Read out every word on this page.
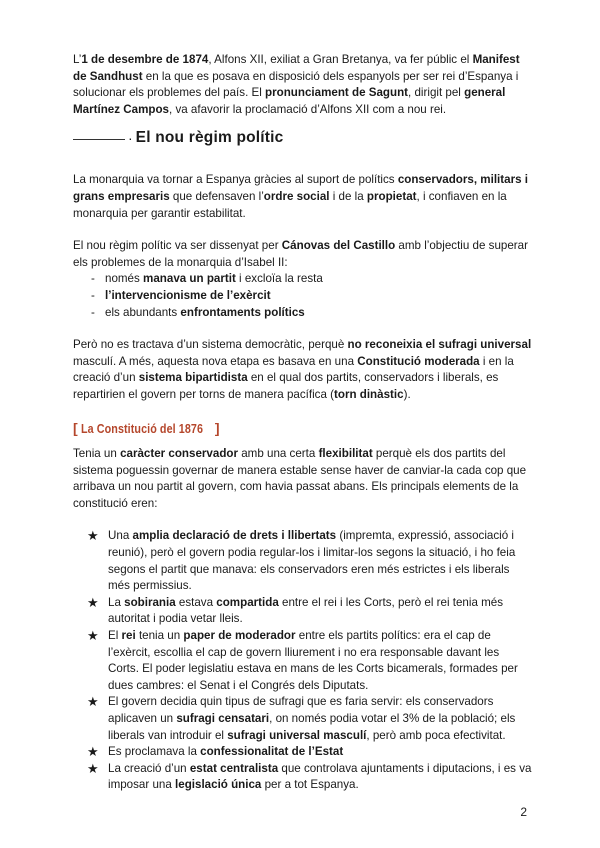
L’1 de desembre de 1874, Alfons XII, exiliat a Gran Bretanya, va fer públic el Manifest de Sandhust en la que es posava en disposició dels espanyols per ser rei d’Espanya i solucionar els problemes del país. El pronunciament de Sagunt, dirigit pel general Martínez Campos, va afavorir la proclamació d’Alfons XII com a nou rei.

· El nou règim polític

La monarquia va tornar a Espanya gràcies al suport de polítics conservadors, militars i grans empresaris que defensaven l’ordre social i de la propietat, i confiaven en la monarquia per garantir estabilitat.

El nou règim polític va ser dissenyat per Cánovas del Castillo amb l’objectiu de superar els problemes de la monarquia d’Isabel II:

- només manava un partit i excloïa la resta
- l’intervencionisme de l’exèrcit
- els abundants enfrontaments polítics

Però no es tractava d’un sistema democràtic, perquè no reconeixia el sufragi universal masculí. A més, aquesta nova etapa es basava en una Constitució moderada i en la creació d’un sistema bipartidista en el qual dos partits, conservadors i liberals, es repartirien el govern per torns de manera pacífica (torn dinàstic).

[ La Constitució del 1876 ]

Tenia un caràcter conservador amb una certa flexibilitat perquè els dos partits del sistema poguessin governar de manera estable sense haver de canviar-la cada cop que arribava un nou partit al govern, com havia passat abans. Els principals elements de la constitució eren:

★ Una amplia declaració de drets i llibertats (impremta, expressió, associació i reunió), però el govern podia regular-los i limitar-los segons la situació, i ho feia segons el partit que manava: els conservadors eren més estrictes i els liberals més permissius.
★ La sobirania estava compartida entre el rei i les Corts, però el rei tenia més autoritat i podia vetar lleis.
★ El rei tenia un paper de moderador entre els partits polítics: era el cap de l’exèrcit, escollia el cap de govern lliurement i no era responsable davant les Corts. El poder legislatiu estava en mans de les Corts bicamerals, formades per dues cambres: el Senat i el Congrés dels Diputats.
★ El govern decidia quin tipus de sufragi que es faria servir: els conservadors aplicaven un sufragi censatari, on només podia votar el 3% de la població; els liberals van introduir el sufragi universal masculí, però amb poca efectivitat.
★ Es proclamava la confessionalitat de l’Estat
★ La creació d’un estat centralista que controlava ajuntaments i diputacions, i es va imposar una legislació única per a tot Espanya.
2
